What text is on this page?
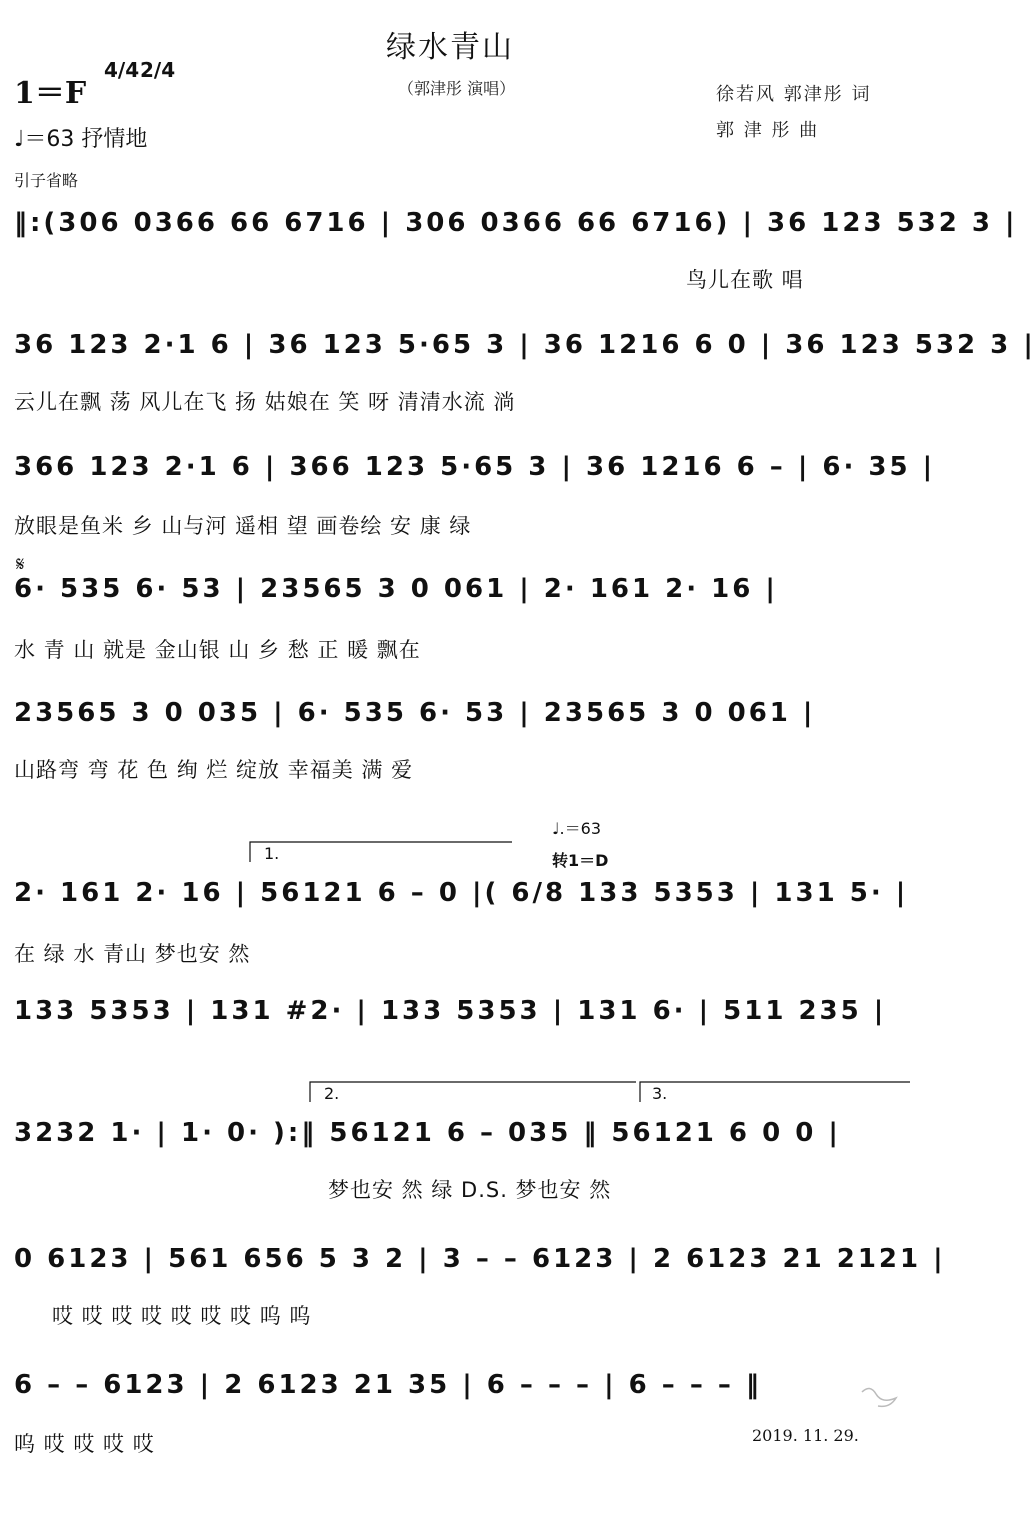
绿水青山
（郭津彤 演唱）	徐若风 郭津彤 词
郭 津 彤 曲
1＝F
4/4 2/4
♩＝63 抒情地
引子省略
‖:(306 0366 66 6716 | 306 0366 66 6716) | 36 123 532 3 |
鸟儿在歌 唱
36 123 2·1 6 | 36 123 5·65 3 | 36 1216 6 0 | 36 123 532 3 |
云儿在飘 荡 风儿在飞 扬 姑娘在 笑 呀 清清水流 淌
366 123 2·1 6 | 366 123 5·65 3 | 36 1216 6 – | 6· 35 |
放眼是鱼米 乡 山与河 遥相 望 画卷绘 安 康 绿
𝄋
6· 535 6· 53 | 23565 3 0 061 | 2· 161 2· 16 |
水 青 山 就是 金山银 山 乡 愁 正 暖 飘在
23565 3 0 035 | 6· 535 6· 53 | 23565 3 0 061 |
山路弯 弯 花 色 绚 烂 绽放 幸福美 满 爱
♩.＝63
转1＝D
1.
2· 161 2· 16 | 56121 6 – 0 |( 6/8 133 5353 | 131 5· |
在 绿 水 青山 梦也安 然
133 5353 | 131 #2· | 133 5353 | 131 6· | 511 235 |
2.	3.
3232 1· | 1· 0· ):‖ 56121 6 – 035 ‖ 56121 6 0 0 |
梦也安 然 绿 D.S. 梦也安 然
0 6123 | 561 656 5 3 2 | 3 – – 6123 | 2 6123 21 2121 |
哎 哎 哎 哎 哎 哎 哎 呜 呜
6 – – 6123 | 2 6123 21 35 | 6 – – – | 6 – – – ‖
呜 哎 哎 哎 哎	2019. 11. 29.
